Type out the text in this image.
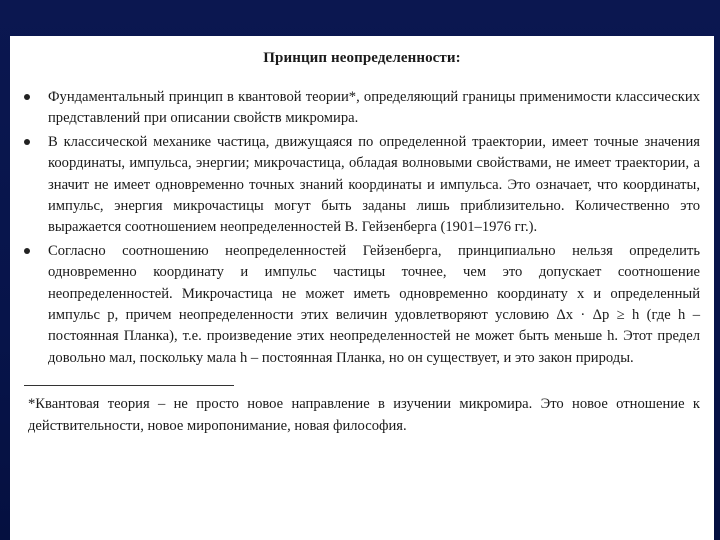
Принцип неопределенности:
Фундаментальный принцип в квантовой теории*, определяющий границы применимости классических представлений при описании свойств микромира.
В классической механике частица, движущаяся по определенной траектории, имеет точные значения координаты, импульса, энергии; микрочастица, обладая волновыми свойствами, не имеет траектории, а значит не имеет одновременно точных знаний координаты и импульса. Это означает, что координаты, импульс, энергия микрочастицы могут быть заданы лишь приблизительно. Количественно это выражается соотношением неопределенностей В. Гейзенберга (1901–1976 гг.).
Согласно соотношению неопределенностей Гейзенберга, принципиально нельзя определить одновременно координату и импульс частицы точнее, чем это допускает соотношение неопределенностей. Микрочастица не может иметь одновременно координату x и определенный импульс p, причем неопределенности этих величин удовлетворяют условию Δx · Δp ≥ h (где h – постоянная Планка), т.е. произведение этих неопределенностей не может быть меньше h. Этот предел довольно мал, поскольку мала h – постоянная Планка, но он существует, и это закон природы.

*Квантовая теория – не просто новое направление в изучении микромира. Это новое отношение к действительности, новое миропонимание, новая философия.
